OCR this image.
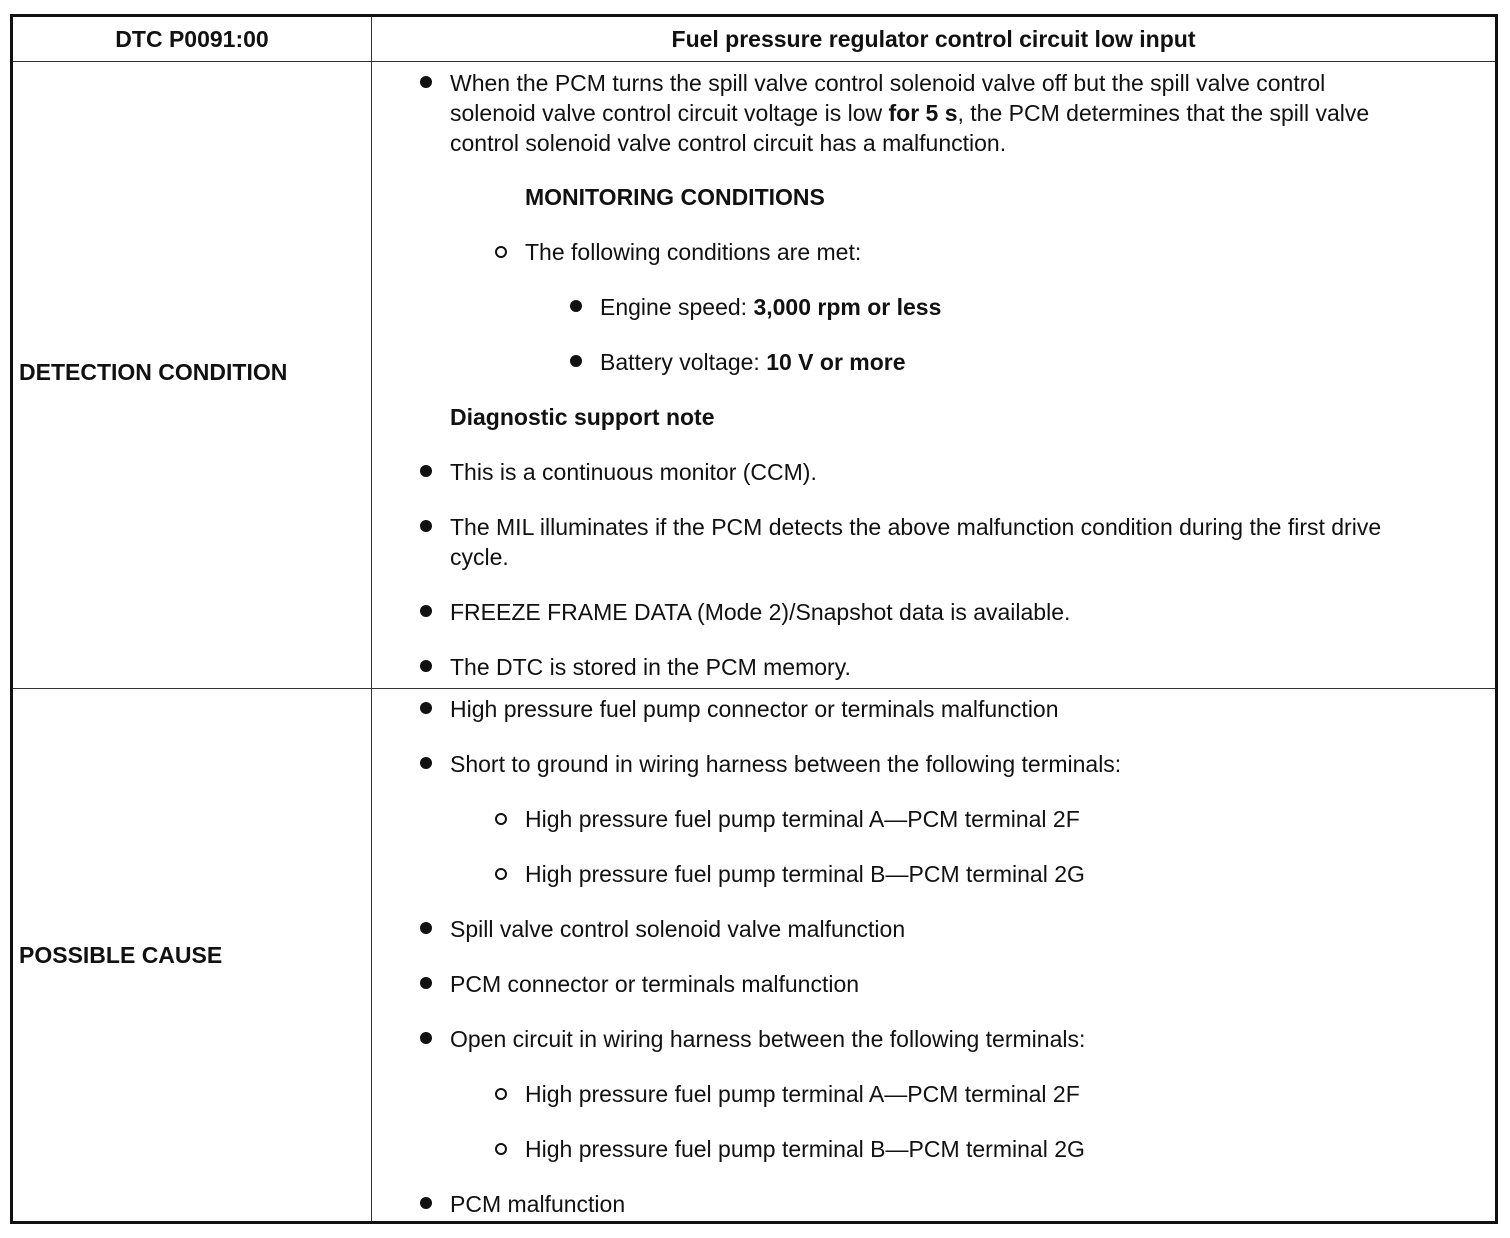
DTC P0091:00	Fuel pressure regulator control circuit low input
DETECTION CONDITION
POSSIBLE CAUSE
When the PCM turns the spill valve control solenoid valve off but the spill valve control
solenoid valve control circuit voltage is low for 5 s, the PCM determines that the spill valve
control solenoid valve control circuit has a malfunction.
MONITORING CONDITIONS
The following conditions are met:
Engine speed: 3,000 rpm or less
Battery voltage: 10 V or more
Diagnostic support note
This is a continuous monitor (CCM).
The MIL illuminates if the PCM detects the above malfunction condition during the first drive
cycle.
FREEZE FRAME DATA (Mode 2)/Snapshot data is available.
The DTC is stored in the PCM memory.
High pressure fuel pump connector or terminals malfunction
Short to ground in wiring harness between the following terminals:
High pressure fuel pump terminal A—PCM terminal 2F
High pressure fuel pump terminal B—PCM terminal 2G
Spill valve control solenoid valve malfunction
PCM connector or terminals malfunction
Open circuit in wiring harness between the following terminals:
High pressure fuel pump terminal A—PCM terminal 2F
High pressure fuel pump terminal B—PCM terminal 2G
PCM malfunction
